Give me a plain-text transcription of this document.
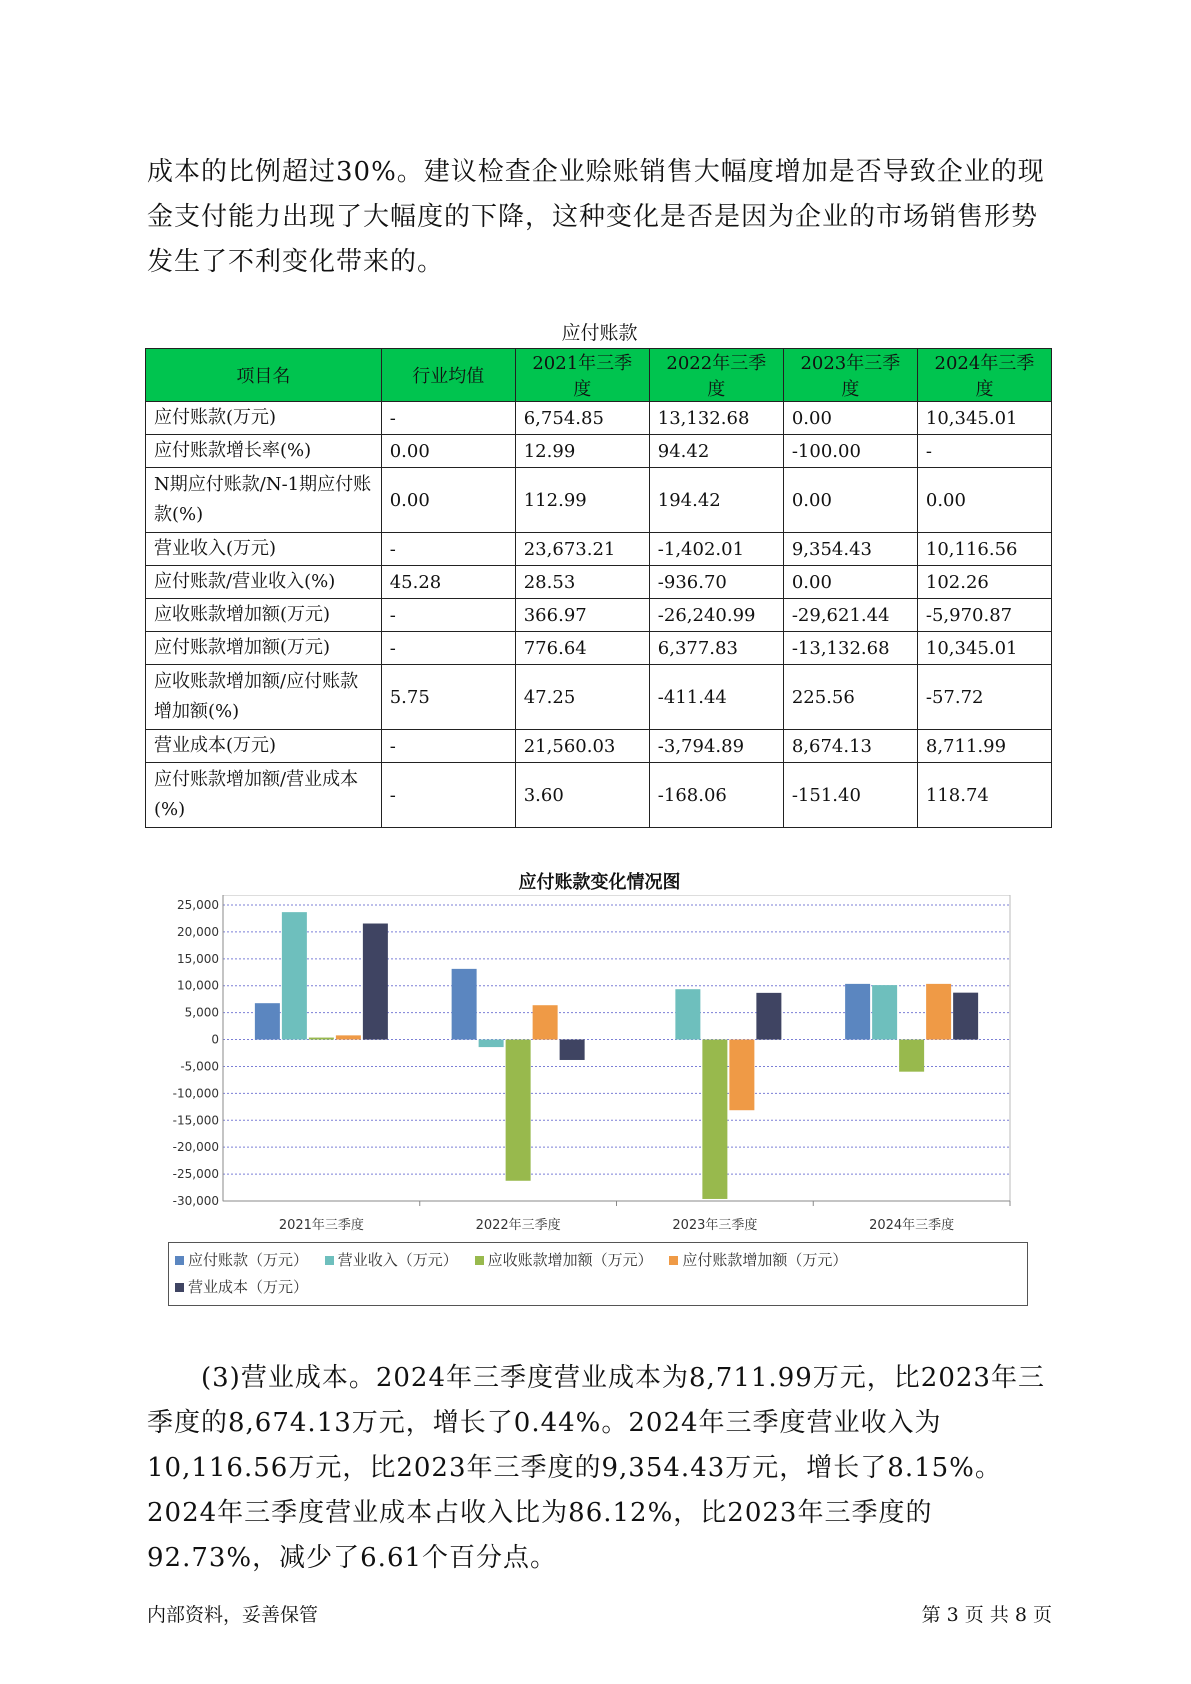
成本的比例超过30%。建议检查企业赊账销售大幅度增加是否导致企业的现金支付能力出现了大幅度的下降，这种变化是否是因为企业的市场销售形势发生了不利变化带来的。

应付账款
项目名	行业均值	2021年三季度	2022年三季度	2023年三季度	2024年三季度
应付账款(万元)	-	6,754.85	13,132.68	0.00	10,345.01
应付账款增长率(%)	0.00	12.99	94.42	-100.00	-
N期应付账款/N-1期应付账款(%)	0.00	112.99	194.42	0.00	0.00
营业收入(万元)	-	23,673.21	-1,402.01	9,354.43	10,116.56
应付账款/营业收入(%)	45.28	28.53	-936.70	0.00	102.26
应收账款增加额(万元)	-	366.97	-26,240.99	-29,621.44	-5,970.87
应付账款增加额(万元)	-	776.64	6,377.83	-13,132.68	10,345.01
应收账款增加额/应付账款增加额(%)	5.75	47.25	-411.44	225.56	-57.72
营业成本(万元)	-	21,560.03	-3,794.89	8,674.13	8,711.99
应付账款增加额/营业成本(%)	-	3.60	-168.06	-151.40	118.74
应付账款变化情况图
25,000
20,000
15,000
10,000
5,000
0
-5,000
-10,000
-15,000
-20,000
-25,000
-30,000
2021年三季度	2022年三季度	2023年三季度	2024年三季度
应付账款（万元） 营业收入（万元） 应收账款增加额（万元） 应付账款增加额（万元）
营业成本（万元）

(3)营业成本。2024年三季度营业成本为8,711.99万元，比2023年三季度的8,674.13万元，增长了0.44%。2024年三季度营业收入为10,116.56万元，比2023年三季度的9,354.43万元，增长了8.15%。2024年三季度营业成本占收入比为86.12%，比2023年三季度的92.73%，减少了6.61个百分点。

内部资料，妥善保管	第 3 页 共 8 页
